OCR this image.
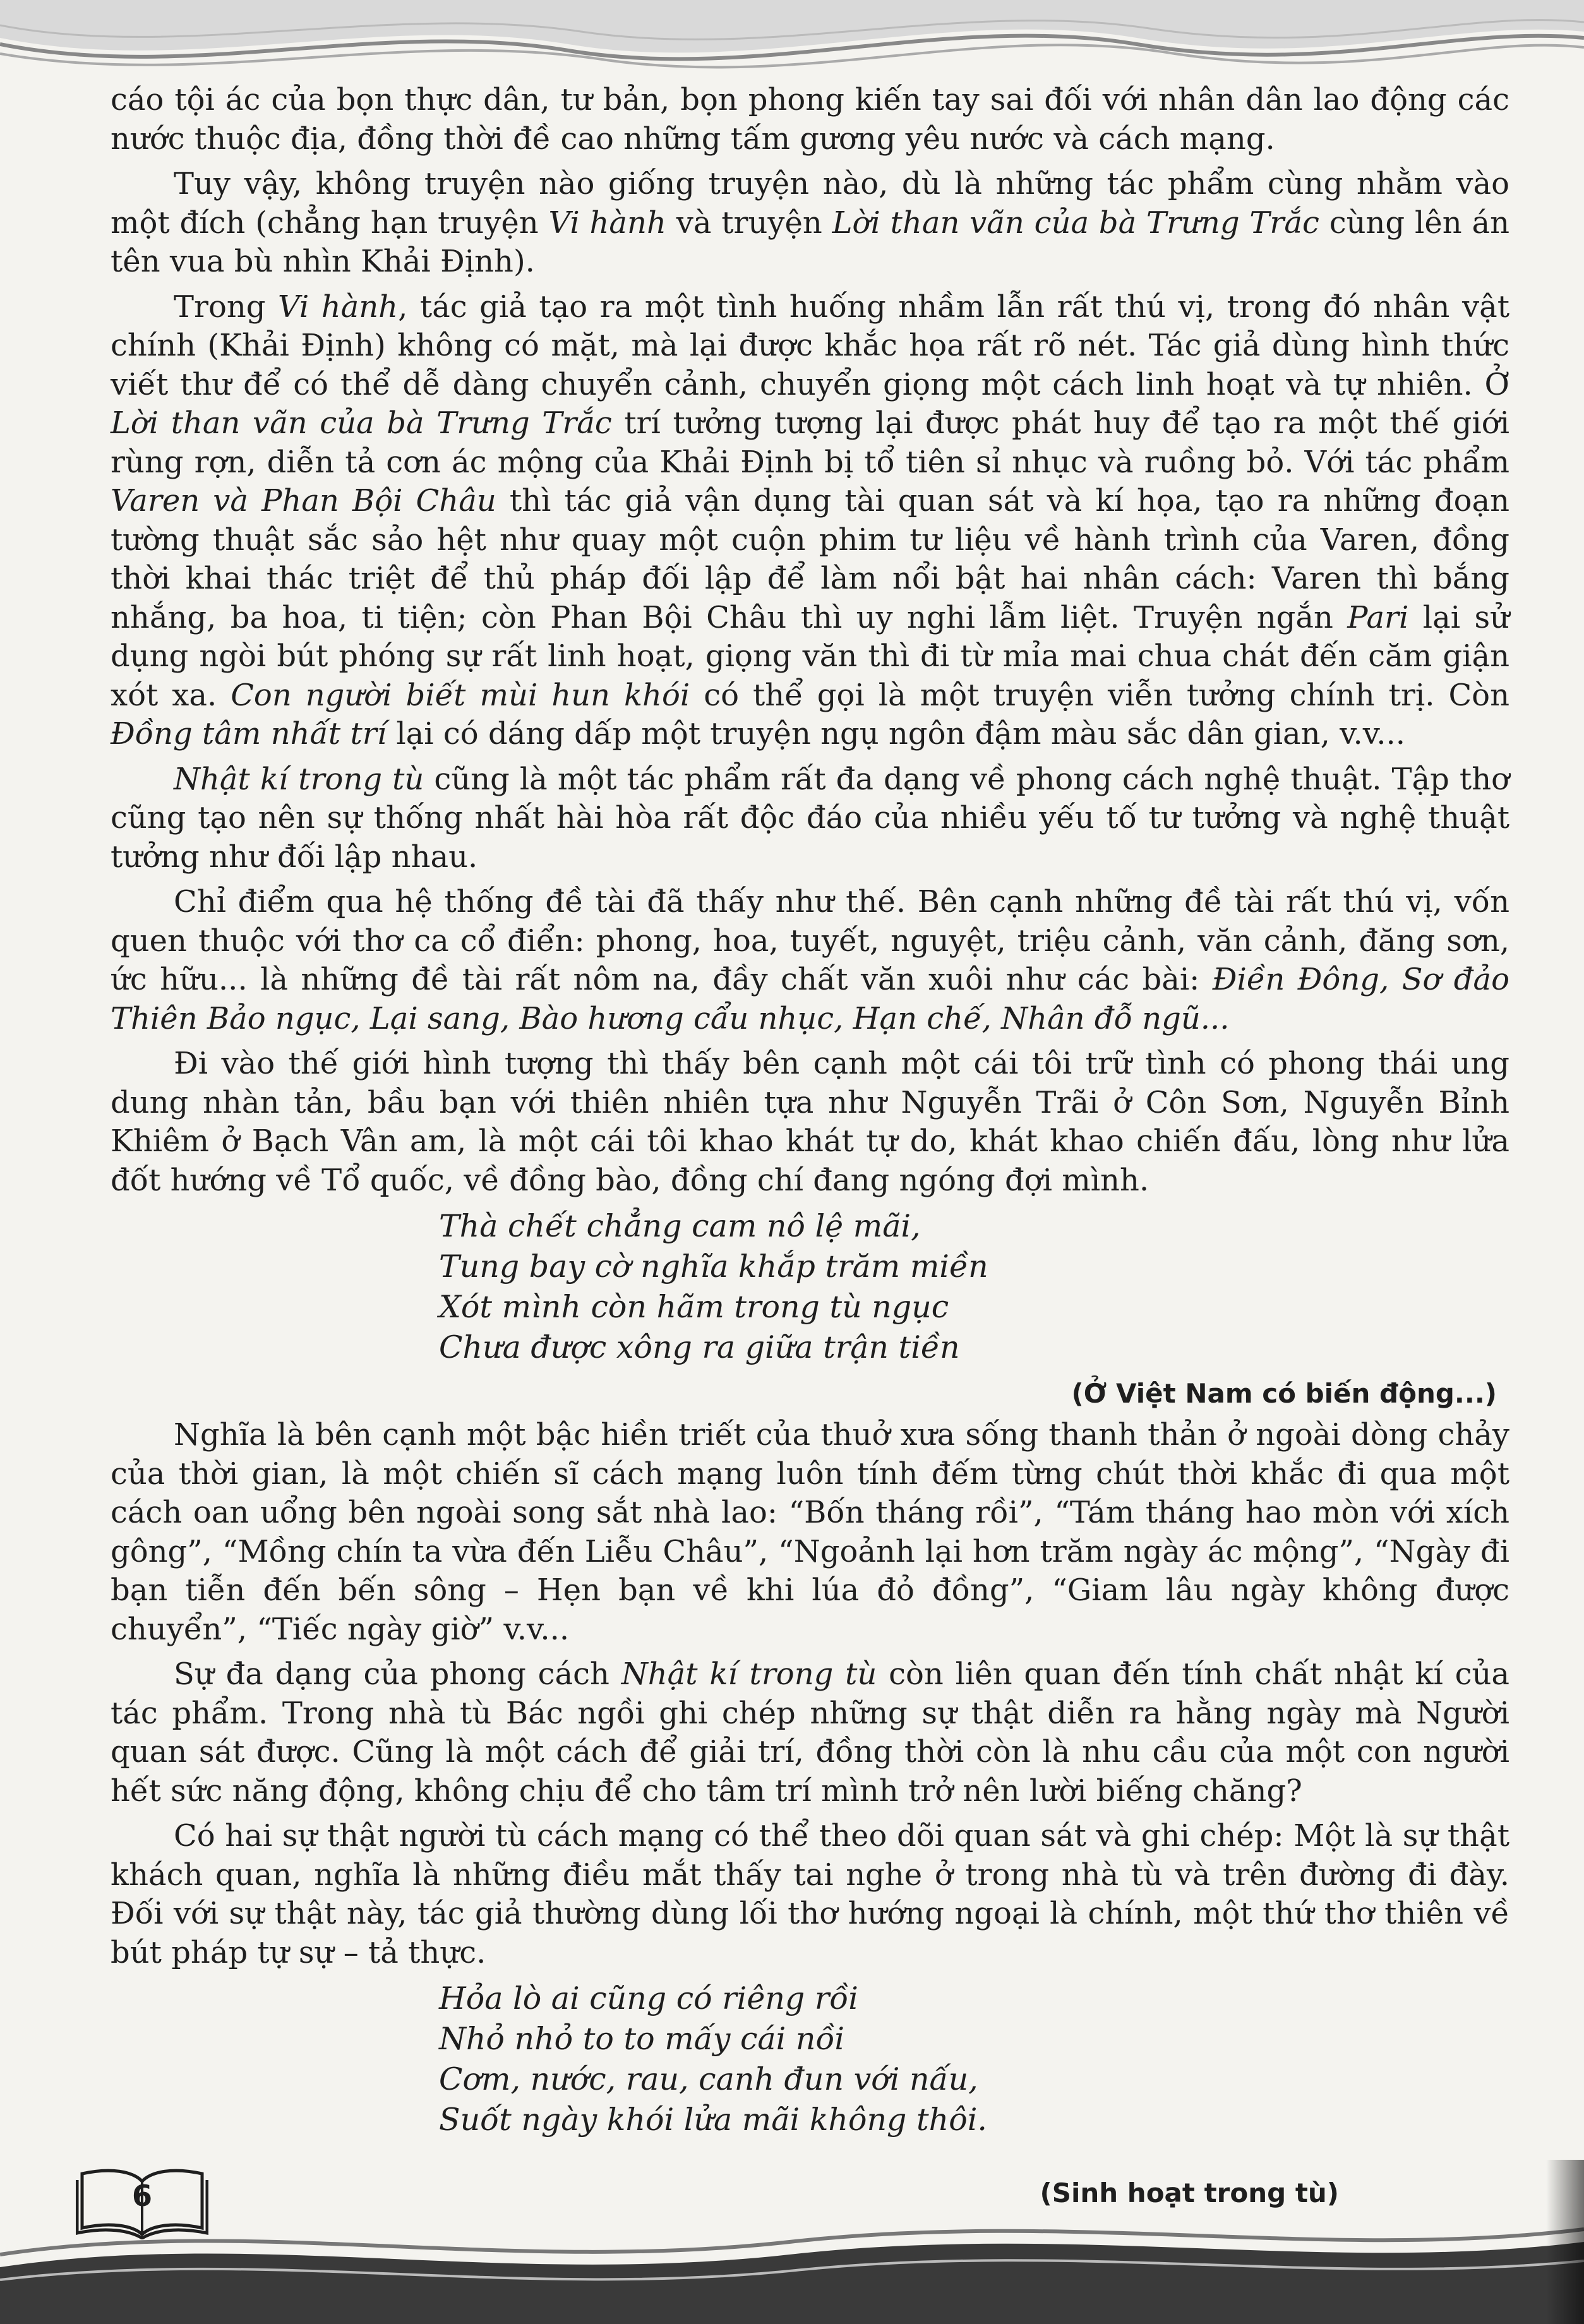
cáo tội ác của bọn thực dân, tư bản, bọn phong kiến tay sai đối với nhân dân lao động các nước thuộc địa, đồng thời đề cao những tấm gương yêu nước và cách mạng.

Tuy vậy, không truyện nào giống truyện nào, dù là những tác phẩm cùng nhằm vào một đích (chẳng hạn truyện Vi hành và truyện Lời than vãn của bà Trưng Trắc cùng lên án tên vua bù nhìn Khải Định).

Trong Vi hành, tác giả tạo ra một tình huống nhầm lẫn rất thú vị, trong đó nhân vật chính (Khải Định) không có mặt, mà lại được khắc họa rất rõ nét. Tác giả dùng hình thức viết thư để có thể dễ dàng chuyển cảnh, chuyển giọng một cách linh hoạt và tự nhiên. Ở Lời than vãn của bà Trưng Trắc trí tưởng tượng lại được phát huy để tạo ra một thế giới rùng rợn, diễn tả cơn ác mộng của Khải Định bị tổ tiên sỉ nhục và ruồng bỏ. Với tác phẩm Varen và Phan Bội Châu thì tác giả vận dụng tài quan sát và kí họa, tạo ra những đoạn tường thuật sắc sảo hệt như quay một cuộn phim tư liệu về hành trình của Varen, đồng thời khai thác triệt để thủ pháp đối lập để làm nổi bật hai nhân cách: Varen thì bắng nhắng, ba hoa, ti tiện; còn Phan Bội Châu thì uy nghi lẫm liệt. Truyện ngắn Pari lại sử dụng ngòi bút phóng sự rất linh hoạt, giọng văn thì đi từ mỉa mai chua chát đến căm giận xót xa. Con người biết mùi hun khói có thể gọi là một truyện viễn tưởng chính trị. Còn Đồng tâm nhất trí lại có dáng dấp một truyện ngụ ngôn đậm màu sắc dân gian, v.v...

Nhật kí trong tù cũng là một tác phẩm rất đa dạng về phong cách nghệ thuật. Tập thơ cũng tạo nên sự thống nhất hài hòa rất độc đáo của nhiều yếu tố tư tưởng và nghệ thuật tưởng như đối lập nhau.

Chỉ điểm qua hệ thống đề tài đã thấy như thế. Bên cạnh những đề tài rất thú vị, vốn quen thuộc với thơ ca cổ điển: phong, hoa, tuyết, nguyệt, triệu cảnh, văn cảnh, đăng sơn, ức hữu... là những đề tài rất nôm na, đầy chất văn xuôi như các bài: Điền Đông, Sơ đảo Thiên Bảo ngục, Lại sang, Bào hương cẩu nhục, Hạn chế, Nhân đỗ ngũ...

Đi vào thế giới hình tượng thì thấy bên cạnh một cái tôi trữ tình có phong thái ung dung nhàn tản, bầu bạn với thiên nhiên tựa như Nguyễn Trãi ở Côn Sơn, Nguyễn Bỉnh Khiêm ở Bạch Vân am, là một cái tôi khao khát tự do, khát khao chiến đấu, lòng như lửa đốt hướng về Tổ quốc, về đồng bào, đồng chí đang ngóng đợi mình.

Thà chết chẳng cam nô lệ mãi,
Tung bay cờ nghĩa khắp trăm miền
Xót mình còn hãm trong tù ngục
Chưa được xông ra giữa trận tiền
(Ở Việt Nam có biến động...)

Nghĩa là bên cạnh một bậc hiền triết của thuở xưa sống thanh thản ở ngoài dòng chảy của thời gian, là một chiến sĩ cách mạng luôn tính đếm từng chút thời khắc đi qua một cách oan uổng bên ngoài song sắt nhà lao: “Bốn tháng rồi”, “Tám tháng hao mòn với xích gông”, “Mồng chín ta vừa đến Liễu Châu”, “Ngoảnh lại hơn trăm ngày ác mộng”, “Ngày đi bạn tiễn đến bến sông – Hẹn bạn về khi lúa đỏ đồng”, “Giam lâu ngày không được chuyển”, “Tiếc ngày giờ” v.v...

Sự đa dạng của phong cách Nhật kí trong tù còn liên quan đến tính chất nhật kí của tác phẩm. Trong nhà tù Bác ngồi ghi chép những sự thật diễn ra hằng ngày mà Người quan sát được. Cũng là một cách để giải trí, đồng thời còn là nhu cầu của một con người hết sức năng động, không chịu để cho tâm trí mình trở nên lười biếng chăng?

Có hai sự thật người tù cách mạng có thể theo dõi quan sát và ghi chép: Một là sự thật khách quan, nghĩa là những điều mắt thấy tai nghe ở trong nhà tù và trên đường đi đày. Đối với sự thật này, tác giả thường dùng lối thơ hướng ngoại là chính, một thứ thơ thiên về bút pháp tự sự – tả thực.

Hỏa lò ai cũng có riêng rồi
Nhỏ nhỏ to to mấy cái nồi
Cơm, nước, rau, canh đun với nấu,
Suốt ngày khói lửa mãi không thôi.
6	(Sinh hoạt trong tù)
